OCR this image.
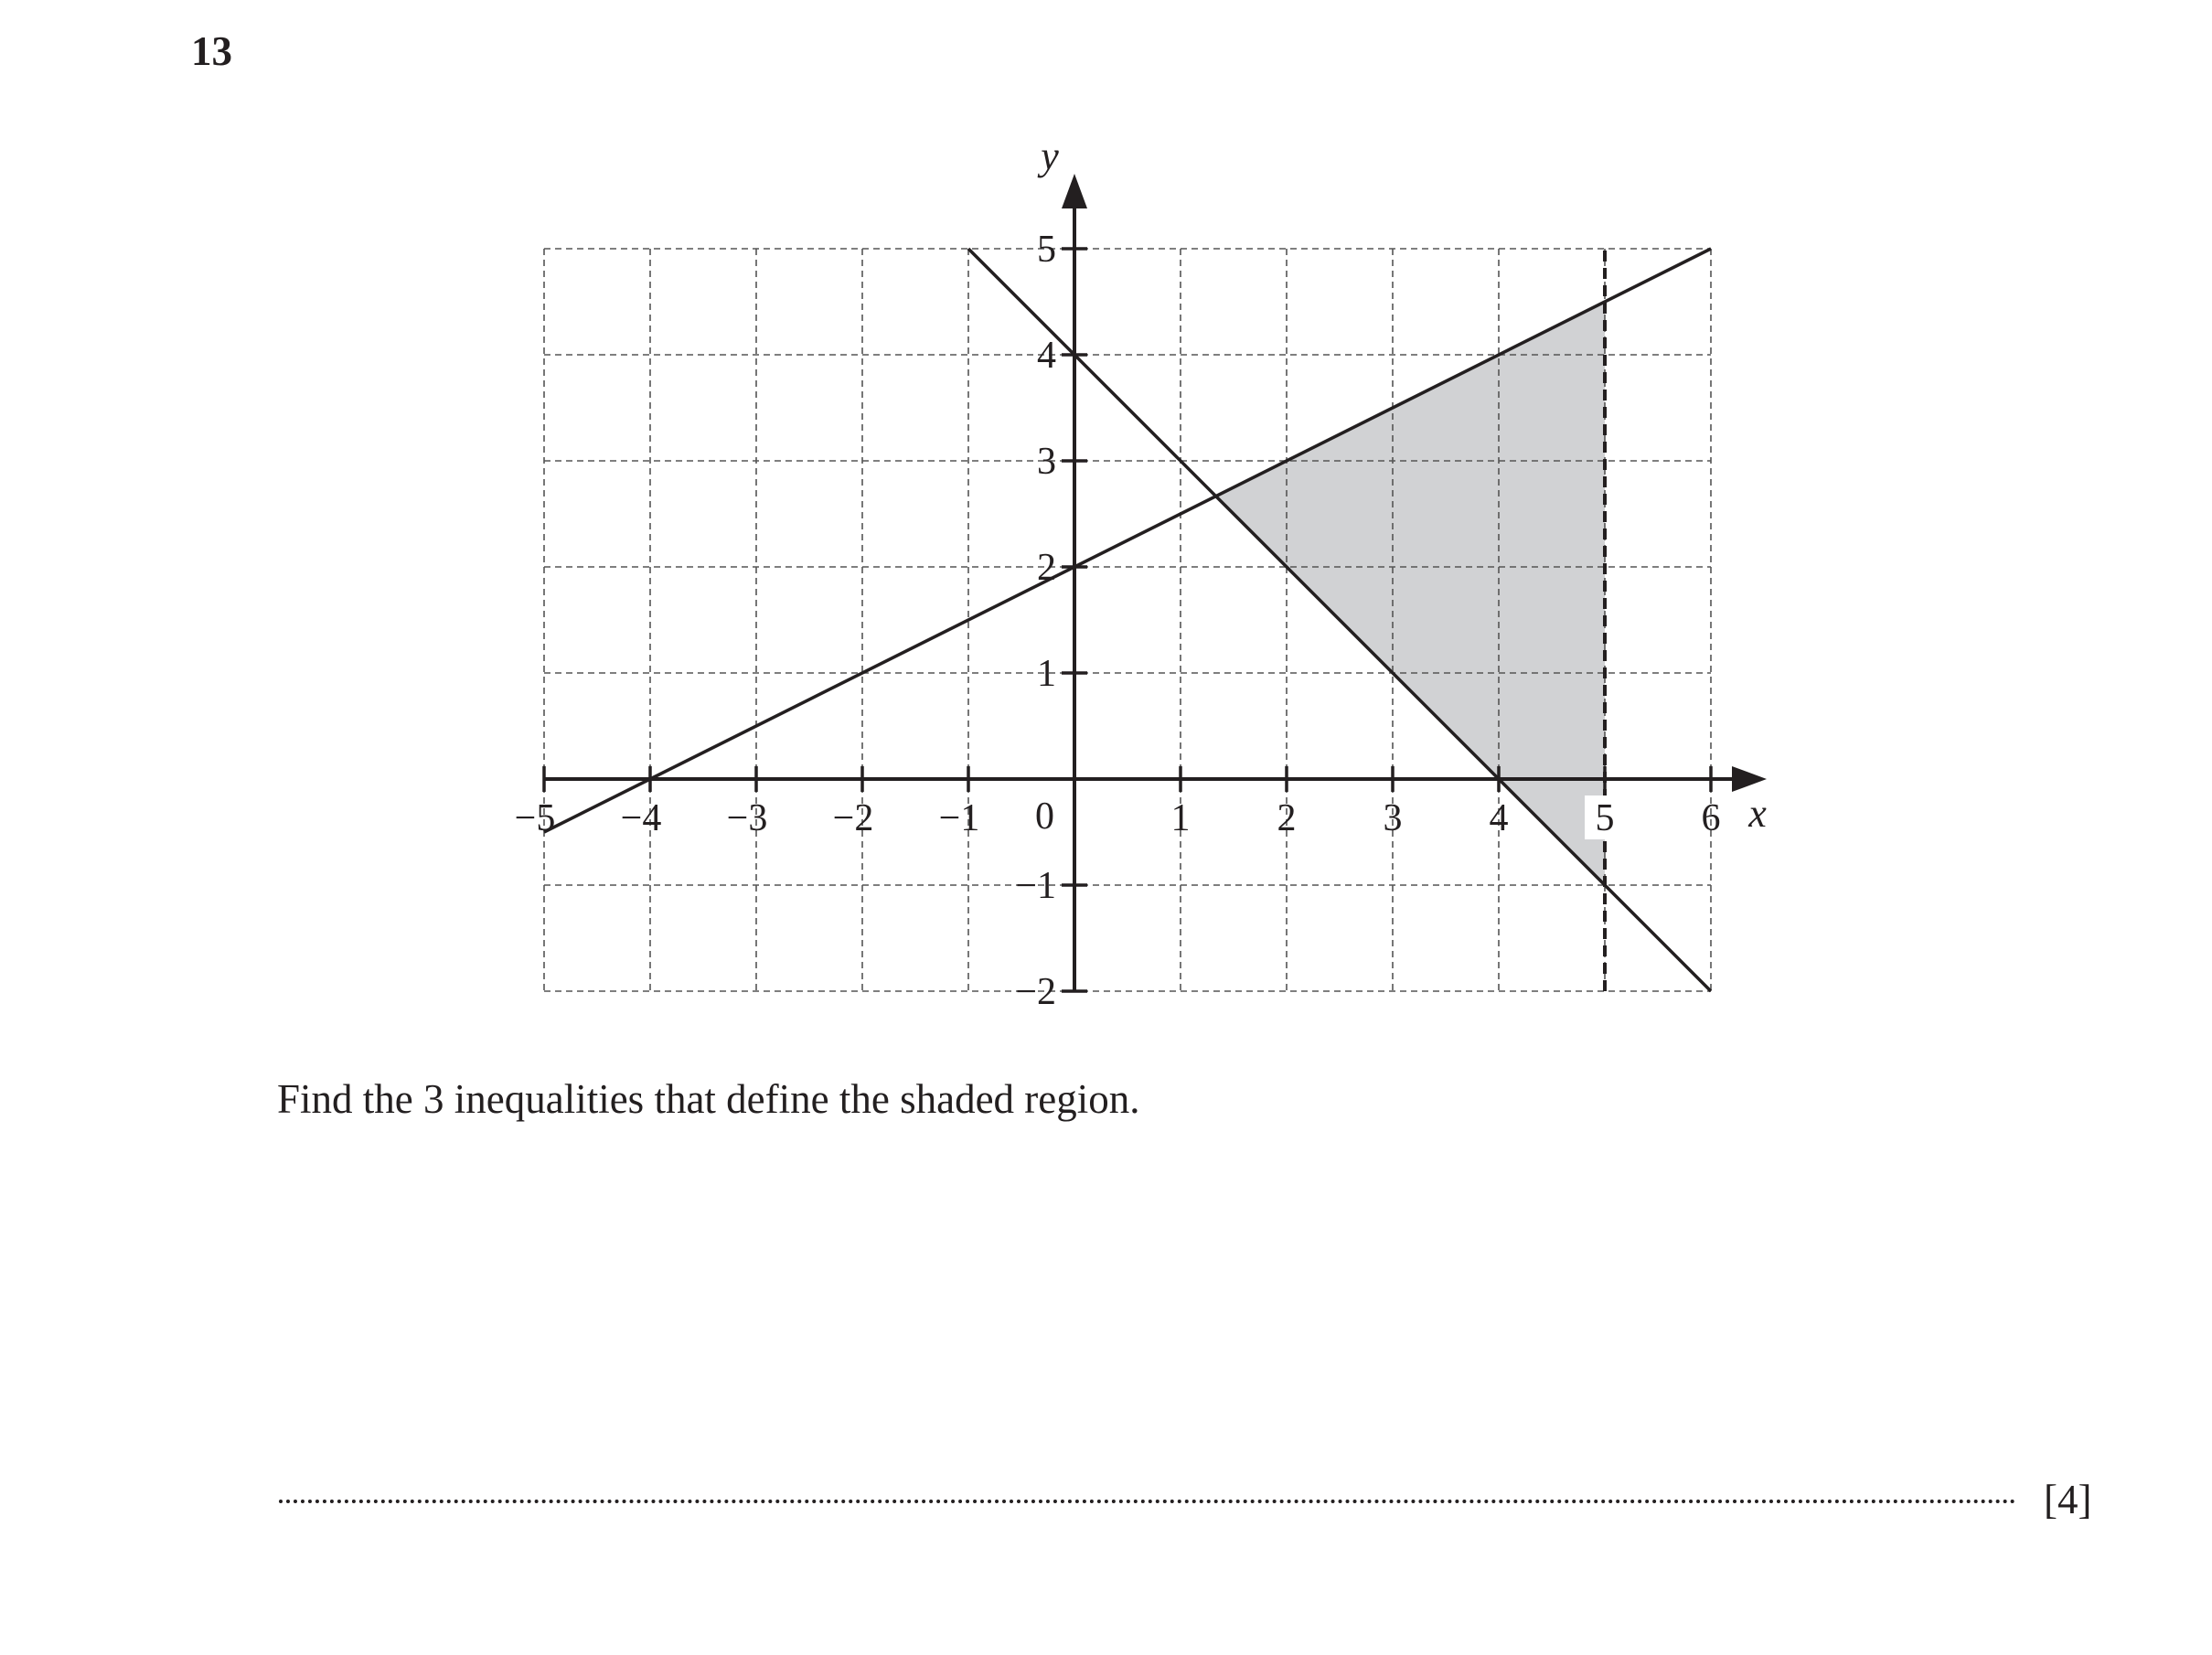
13
−5 −4 −3 −2 −1	1 2 3 4 5 6
−2
−1
1
2
3
4
5
0	x
y
Find the 3 inequalities that define the shaded region.
[4]
